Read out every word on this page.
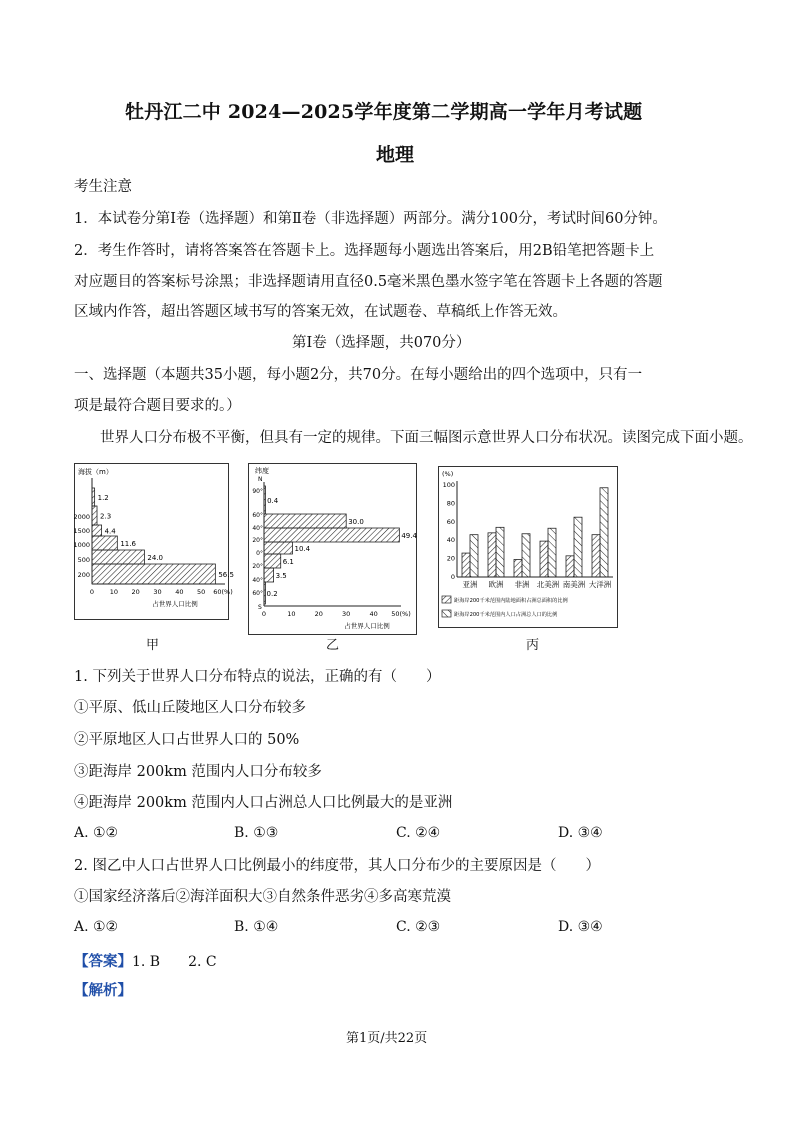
牡丹江二中 2024—2025学年度第二学期高一学年月考试题
地理
考生注意
1．本试卷分第Ⅰ卷（选择题）和第Ⅱ卷（非选择题）两部分。满分100分，考试时间60分钟。
2．考生作答时，请将答案答在答题卡上。选择题每小题选出答案后，用2B铅笔把答题卡上
对应题目的答案标号涂黑；非选择题请用直径0.5毫米黑色墨水签字笔在答题卡上各题的答题
区域内作答，超出答题区域书写的答案无效，在试题卷、草稿纸上作答无效。
第Ⅰ卷（选择题，共070分）
一、选择题（本题共35小题，每小题2分，共70分。在每小题给出的四个选项中，只有一
项是最符合题目要求的。）
世界人口分布极不平衡，但具有一定的规律。下面三幅图示意世界人口分布状况。读图完成下面小题。
海拔（m）
1.2
2.3
4.4
11.6
24.0
56.5
2000
1500
1000
500
200
0 10 20 30 40 50 60(%)
占世界人口比例
甲
纬度
N
S
0.4
30.0
49.4
10.4
6.1
3.5
0.2
90°
60°
40°
20°
0°
20°
40°
60°
0	10	20	30	40 50(%)
占世界人口比例
乙
(%)
100
80
60
40
20
0
亚洲 欧洲 非洲 北美洲 南美洲 大洋洲
距海岸200千米范围内陆地面积占洲总面积的比例
距海岸200千米范围内人口占洲总人口的比例
丙
1. 下列关于世界人口分布特点的说法，正确的有（　　）
①平原、低山丘陵地区人口分布较多
②平原地区人口占世界人口的 50%
③距海岸 200km 范围内人口分布较多
④距海岸 200km 范围内人口占洲总人口比例最大的是亚洲
A. ①②	B. ①③	C. ②④	D. ③④
2. 图乙中人口占世界人口比例最小的纬度带，其人口分布少的主要原因是（　　）
①国家经济落后②海洋面积大③自然条件恶劣④多高寒荒漠
A. ①②	B. ①④	C. ②③	D. ③④
【答案】1. B　　2. C
【解析】
第1页/共22页
